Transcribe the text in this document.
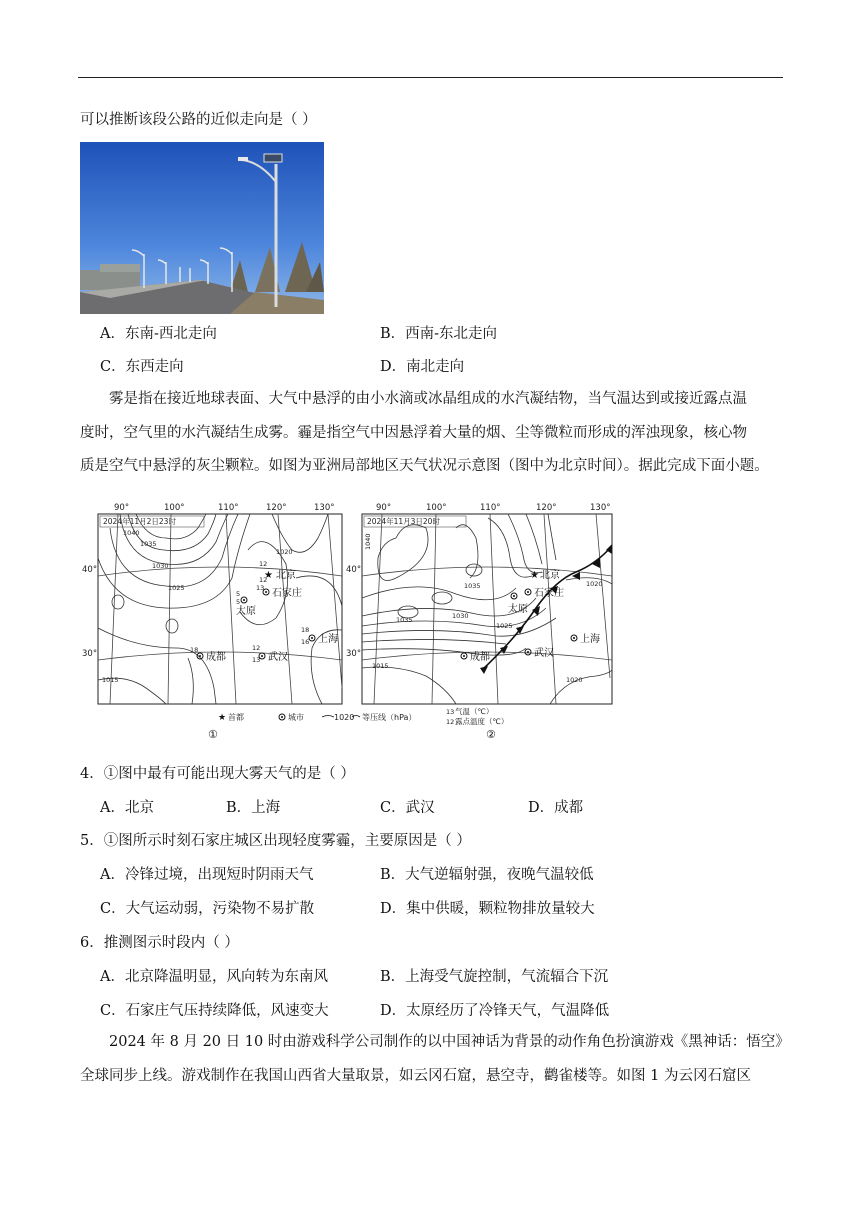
可以推断该段公路的近似走向是（ ）
A．东南-西北走向	B．西南-东北走向
C．东西走向	D．南北走向
雾是指在接近地球表面、大气中悬浮的由小水滴或冰晶组成的水汽凝结物，当气温达到或接近露点温
度时，空气里的水汽凝结生成雾。霾是指空气中因悬浮着大量的烟、尘等微粒而形成的浑浊现象，核心物
质是空气中悬浮的灰尘颗粒。如图为亚洲局部地区天气状况示意图（图中为北京时间）。据此完成下面小题。
90°	100°	110°	120°	130°
40°
30°
2024年11月2日23时
1040
1035
1030
1025
1020
1015
★ 北京
石家庄
太原
上海
成都	武汉
12
12
5
5
13
12
18
16
18
13
90°	100°	110°	120°	130°
40°
30°
2024年11月3日20时
1040
1035
1035	1030
1025
1020
1020
1015
★ 北京
石家庄
太原
上海
成都	武汉
★ 首都	城市	1020 等压线（hPa）
13 气温（℃）
12 露点温度（℃）
①	②
4．①图中最有可能出现大雾天气的是（ ）
A．北京	B．上海	C．武汉	D．成都
5．①图所示时刻石家庄城区出现轻度雾霾，主要原因是（ ）
A．冷锋过境，出现短时阴雨天气	B．大气逆辐射强，夜晚气温较低
C．大气运动弱，污染物不易扩散	D．集中供暖，颗粒物排放量较大
6．推测图示时段内（ ）
A．北京降温明显，风向转为东南风	B．上海受气旋控制，气流辐合下沉
C．石家庄气压持续降低，风速变大	D．太原经历了冷锋天气，气温降低
2024 年 8 月 20 日 10 时由游戏科学公司制作的以中国神话为背景的动作角色扮演游戏《黑神话：悟空》
全球同步上线。游戏制作在我国山西省大量取景，如云冈石窟，悬空寺，鹳雀楼等。如图 1 为云冈石窟区
